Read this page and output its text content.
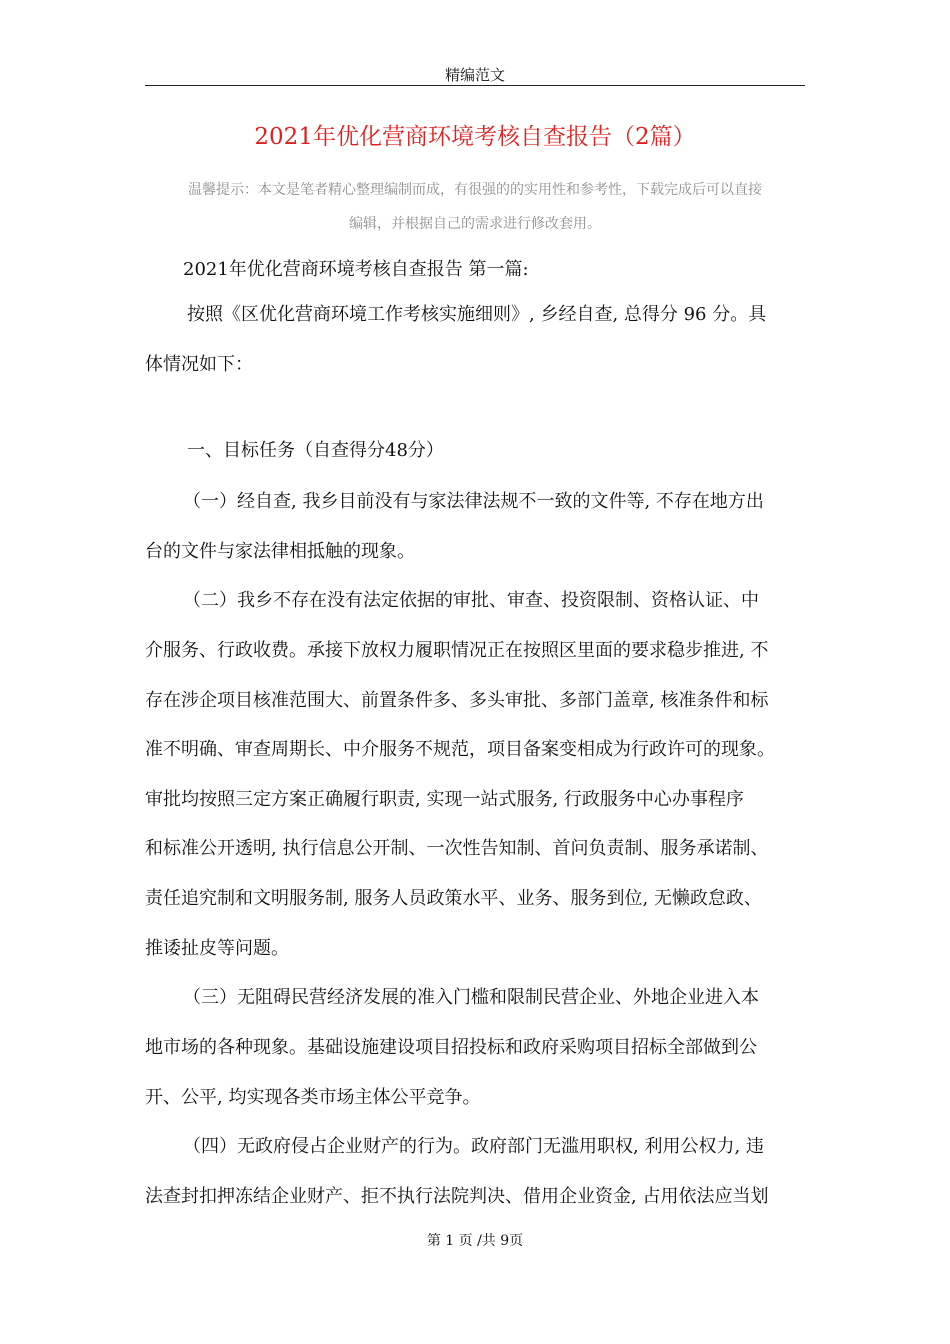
精编范文
2021年优化营商环境考核自查报告（2篇）
温馨提示：本文是笔者精心整理编制而成，有很强的的实用性和参考性，下载完成后可以直接
编辑，并根据自己的需求进行修改套用。
2021年优化营商环境考核自查报告 第一篇:
按照《区优化营商环境工作考核实施细则》, 乡经自查, 总得分 96 分。具
体情况如下：
一、目标任务（自查得分48分）
（一）经自查, 我乡目前没有与家法律法规不一致的文件等, 不存在地方出
台的文件与家法律相抵触的现象。
（二）我乡不存在没有法定依据的审批、审查、投资限制、资格认证、中
介服务、行政收费。承接下放权力履职情况正在按照区里面的要求稳步推进, 不
存在涉企项目核准范围大、前置条件多、多头审批、多部门盖章, 核准条件和标
准不明确、审查周期长、中介服务不规范，项目备案变相成为行政许可的现象。
审批均按照三定方案正确履行职责, 实现一站式服务, 行政服务中心办事程序
和标准公开透明, 执行信息公开制、一次性告知制、首问负责制、服务承诺制、
责任追究制和文明服务制, 服务人员政策水平、业务、服务到位, 无懒政怠政、
推诿扯皮等问题。
（三）无阻碍民营经济发展的准入门槛和限制民营企业、外地企业进入本
地市场的各种现象。基础设施建设项目招投标和政府采购项目招标全部做到公
开、公平, 均实现各类市场主体公平竞争。
（四）无政府侵占企业财产的行为。政府部门无滥用职权, 利用公权力, 违
法查封扣押冻结企业财产、拒不执行法院判决、借用企业资金, 占用依法应当划
第 1 页 /共 9页
